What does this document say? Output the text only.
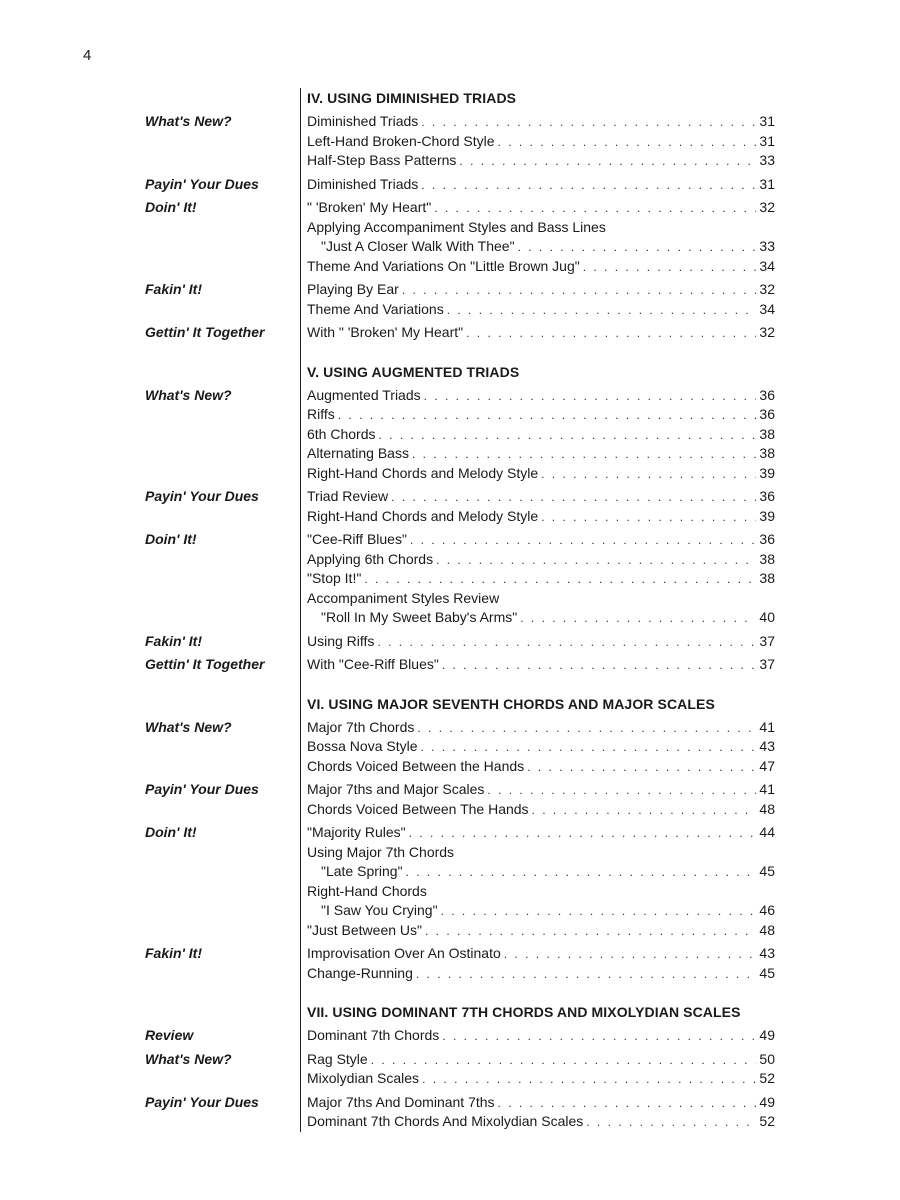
4
IV. USING DIMINISHED TRIADS
What's New?	Diminished Triads . . .	31
Left-Hand Broken-Chord Style . . .	31
Half-Step Bass Patterns . . .	33
Payin' Your Dues	Diminished Triads . . .	31
Doin' It!	" 'Broken' My Heart" . . .	32
Applying Accompaniment Styles and Bass Lines
"Just A Closer Walk With Thee" . . .	33
Theme And Variations On "Little Brown Jug" . . .	34
Fakin' It!	Playing By Ear . . .	32
Theme And Variations . . .	34
Gettin' It Together	With " 'Broken' My Heart" . . .	32
V. USING AUGMENTED TRIADS
What's New?	Augmented Triads . . .	36
Riffs . . .	36
6th Chords . . .	38
Alternating Bass . . .	38
Right-Hand Chords and Melody Style . . .	39
Payin' Your Dues	Triad Review . . .	36
Right-Hand Chords and Melody Style . . .	39
Doin' It!	"Cee-Riff Blues" . . .	36
Applying 6th Chords . . .	38
"Stop It!" . . .	38
Accompaniment Styles Review
"Roll In My Sweet Baby's Arms" . . .	40
Fakin' It!	Using Riffs . . .	37
Gettin' It Together	With "Cee-Riff Blues" . . .	37
VI. USING MAJOR SEVENTH CHORDS AND MAJOR SCALES
What's New?	Major 7th Chords . . .	41
Bossa Nova Style . . .	43
Chords Voiced Between the Hands . . .	47
Payin' Your Dues	Major 7ths and Major Scales . . .	41
Chords Voiced Between The Hands . . .	48
Doin' It!	"Majority Rules" . . .	44
Using Major 7th Chords
"Late Spring" . . .	45
Right-Hand Chords
"I Saw You Crying" . . .	46
"Just Between Us" . . .	48
Fakin' It!	Improvisation Over An Ostinato . . .	43
Change-Running . . .	45
VII. USING DOMINANT 7TH CHORDS AND MIXOLYDIAN SCALES
Review	Dominant 7th Chords . . .	49
What's New?	Rag Style . . .	50
Mixolydian Scales . . .	52
Payin' Your Dues	Major 7ths And Dominant 7ths . . .	49
Dominant 7th Chords And Mixolydian Scales . . .	52
